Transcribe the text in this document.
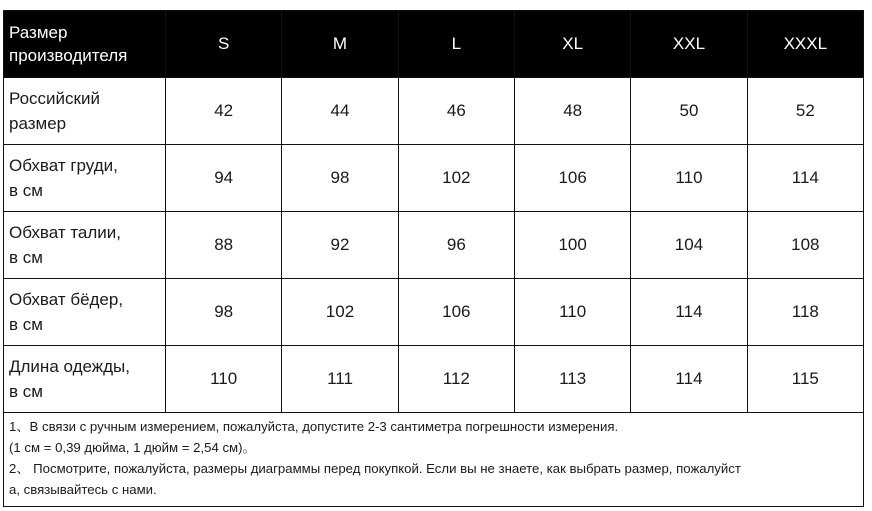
Размер
производителя	S	M	L	XL	XXL	XXXL
Российский
размер	42	44	46	48	50	52
Обхват груди,
в см	94	98	102	106	110	114
Обхват талии,
в см	88	92	96	100	104	108
Обхват бёдер,
в см	98	102	106	110	114	118
Длина одежды,
в см	110	111	112	113	114	115

1、В связи с ручным измерением, пожалуйста, допустите 2-3 сантиметра погрешности измерения.

(1 см = 0,39 дюйма, 1 дюйм = 2,54 см)。

2、 Посмотрите, пожалуйста, размеры диаграммы перед покупкой. Если вы не знаете, как выбрать размер, пожалуйст

а, связывайтесь с нами.
